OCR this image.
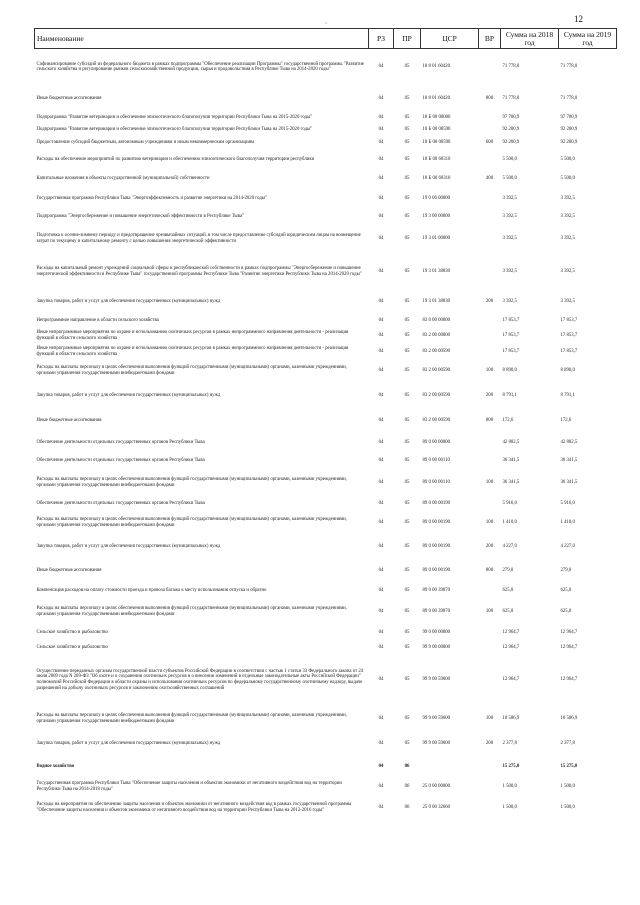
12
,,
Наименование	РЗ	ПР	ЦСР	ВР	Сумма на 2018 год	Сумма на 2019 год
Софинансирование субсидий из федерального бюджета в рамках подпрограммы "Обеспечение реализации Программы" государственной программы "Развитие сельского хозяйства и регулирование рынков сельскохозяйственной продукции, сырья и продовольствия в Республике Тыва на 2014-2020 годы"	04	05	18 8 01 60420		71 778,0	71 778,0
Иные бюджетные ассигнования	04	05	18 8 01 60420	800	71 778,0	71 778,0
Подпрограмма "Развитие ветеринарии и обеспечение эпизоотического благополучия территории Республики Тыва на 2015-2020 годы"	04	05	18 Б 00 00000		97 700,9	97 700,9
Подпрограмма "Развитие ветеринарии и обеспечение эпизоотического благополучия территории Республики Тыва на 2015-2020 годы"	04	05	18 Б 00 00590		92 200,9	92 200,9
Предоставление субсидий бюджетным, автономным учреждениям и иным некоммерческим организациям	04	05	18 Б 00 00590	600	92 200,9	92 200,9
Расходы на обеспечение мероприятий по развитию ветеринарии и обеспечению эпизоотического благополучия территории республики	04	05	18 Б 00 60310		5 500,0	5 500,0
Капитальные вложения в объекты государственной (муниципальной) собственности	04	05	18 Б 00 60310	400	5 500,0	5 500,0
Государственная программа Республики Тыва "Энергоэффективность и развитие энергетики на 2014-2020 годы"	04	05	19 0 00 00000		3 392,5	3 392,5
Подпрограмма "Энергосбережение и повышение энергетической эффективности в Республике Тыва"	04	05	19 3 00 00000		3 392,5	3 392,5
Подготовка к осенне-зимнему периоду и предотвращение чрезвычайных ситуаций, в том числе предоставление субсидий юридическим лицам на возмещение затрат по текущему и капитальному ремонту с целью повышения энергетической эффективности	04	05	19 3 01 00000		3 392,5	3 392,5
Расходы на капитальный ремонт учреждений социальной сферы и республиканской собственности в рамках подпрограммы "Энергосбережение и повышение энергетической эффективности в Республике Тыва" государственной программы Республики Тыва "Развитие энергетики Республики Тыва на 2014-2020 годы"	04	05	19 3 01 38830		3 392,5	3 392,5
Закупка товаров, работ и услуг для обеспечения государственных (муниципальных) нужд	04	05	19 3 01 38830	200	3 392,5	3 392,5
Непрограммное направление в области сельского хозяйства	04	05	83 0 00 00000		17 853,7	17 853,7
Иные непрограммные мероприятия по охране и использованию охотничьих ресурсов в рамках непрограммного направления деятельности - реализация функций в области сельского хозяйства	04	05	83 2 00 00000		17 853,7	17 853,7
Иные непрограммные мероприятия по охране и использованию охотничьих ресурсов в рамках непрограммного направления деятельности - реализация функций в области сельского хозяйства	04	05	83 2 00 00590		17 853,7	17 853,7
Расходы на выплаты персоналу в целях обеспечения выполнения функций государственными (муниципальными) органами, казенными учреждениями, органами управления государственными внебюджетными фондами	04	05	83 2 00 00590	100	8 890,0	8 890,0
Закупка товаров, работ и услуг для обеспечения государственных (муниципальных) нужд	04	05	83 2 00 00590	200	8 791,1	8 791,1
Иные бюджетные ассигнования	04	05	83 2 00 00590	800	172,6	172,6
Обеспечение деятельности отдельных государственных органов Республики Тыва	04	05	89 0 00 00000		42 882,5	42 882,5
Обеспечение деятельности отдельных государственных органов Республики Тыва	04	05	89 0 00 00110		36 341,5	36 341,5
Расходы на выплаты персоналу в целях обеспечения выполнения функций государственными (муниципальными) органами, казенными учреждениями, органами управления государственными внебюджетными фондами	04	05	89 0 00 00110	100	36 341,5	36 341,5
Обеспечение деятельности отдельных государственных органов Республики Тыва	04	05	89 0 00 00190		5 916,0	5 916,0
Расходы на выплаты персоналу в целях обеспечения выполнения функций государственными (муниципальными) органами, казенными учреждениями, органами управления государственными внебюджетными фондами	04	05	89 0 00 00190	100	1 410,0	1 410,0
Закупка товаров, работ и услуг для обеспечения государственных (муниципальных) нужд	04	05	89 0 00 00190	200	4 227,0	4 227,0
Иные бюджетные ассигнования	04	05	89 0 00 00190	800	279,0	279,0
Компенсация расходов на оплату стоимости проезда и провоза багажа к месту использования отпуска и обратно	04	05	89 0 00 39870		625,0	625,0
Расходы на выплаты персоналу в целях обеспечения выполнения функций государственными (муниципальными) органами, казенными учреждениями, органами управления государственными внебюджетными фондами	04	05	89 0 00 39870	100	625,0	625,0
Сельское хозяйство и рыболовство	04	05	99 0 00 00000		12 964,7	12 964,7
Сельское хозяйство и рыболовство	04	05	99 9 00 00000		12 964,7	12 964,7
Осуществление переданных органам государственной власти субъектов Российской Федерации в соответствии с частью 1 статьи 33 Федерального закона от 24 июля 2009 года N 209-ФЗ "Об охоте и о сохранении охотничьих ресурсов и о внесении изменений в отдельные законодательные акты Российской Федерации" полномочий Российской Федерации в области охраны и использования охотничьих ресурсов по федеральному государственному охотничьему надзору, выдаче разрешений на добычу охотничьих ресурсов и заключению охотхозяйственных соглашений	04	05	99 9 00 59600		12 964,7	12 964,7
Расходы на выплаты персоналу в целях обеспечения выполнения функций государственными (муниципальными) органами, казенными учреждениями, органами управления государственными внебюджетными фондами	04	05	99 9 00 59600	100	10 586,9	10 586,9
Закупка товаров, работ и услуг для обеспечения государственных (муниципальных) нужд	04	05	99 9 00 59600	200	2 377,8	2 377,8
Водное хозяйство	04	06			15 275,0	15 275,0
Государственная программа Республики Тыва "Обеспечение защиты населения и объектов экономики от негативного воздействия вод на территории Республики Тыва на 2014-2018 годы"	04	06	25 0 00 00000		1 500,0	1 500,0
Расходы на мероприятия по обеспечению защиты населения и объектов экономики от негативного воздействия вод в рамках государственной программы "Обеспечение защиты населения и объектов экономики от негативного воздействия вод на территории Республики Тыва на 2012-2016 годы"	04	06	25 0 00 32660		1 500,0	1 500,0
